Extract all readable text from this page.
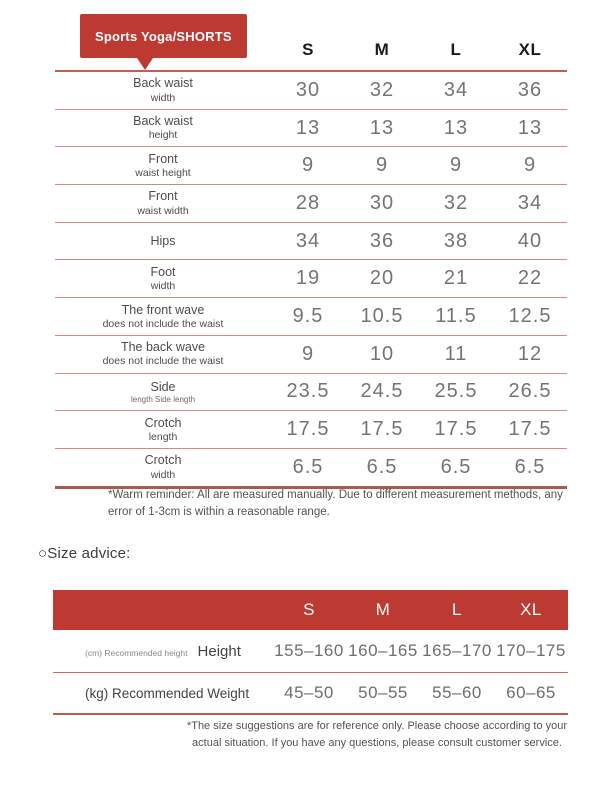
Sports Yoga/SHORTS
S	M	L	XL
Back waist
width	30	32	34	36
Back waist
height	13	13	13	13
Front
waist height	9	9	9	9
Front
waist width	28	30	32	34
Hips	34	36	38	40
Foot
width	19	20	21	22
The front wave
does not include the waist	9.5	10.5	11.5	12.5
The back wave
does not include the waist	9	10	11	12
Side
length Side length	23.5	24.5	25.5	26.5
Crotch
length	17.5	17.5	17.5	17.5
Crotch
width	6.5	6.5	6.5	6.5
*Warm reminder: All are measured manually. Due to different measurement methods, any error of 1-3cm is within a reasonable range.
○Size advice:
S	M	L	XL
(cm) Recommended height Height 155–160 160–165 165–170 170–175
(kg) Recommended Weight	45–50	50–55	55–60	60–65
*The size suggestions are for reference only. Please choose according to your actual situation. If you have any questions, please consult customer service.
